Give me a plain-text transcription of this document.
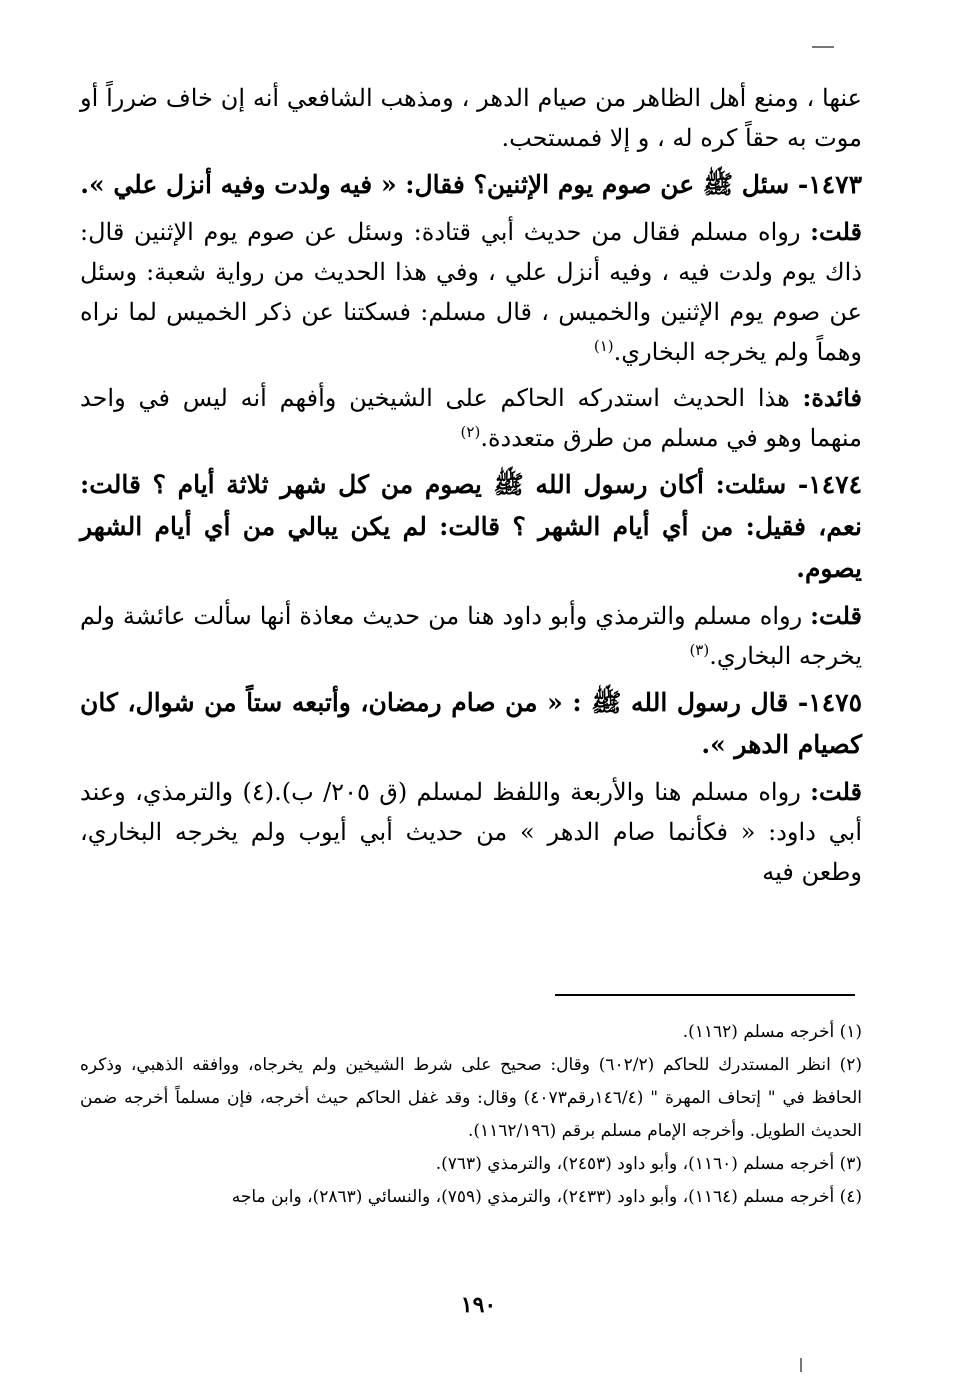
عنها ، ومنع أهل الظاهر من صيام الدهر ، ومذهب الشافعي أنه إن خاف ضرراً أو موت به حقاً كره له ، و إلا فمستحب.

١٤٧٣- سئل ﷺ عن صوم يوم الإثنين؟ فقال: « فيه ولدت وفيه أنزل علي ».

قلت: رواه مسلم فقال من حديث أبي قتادة: وسئل عن صوم يوم الإثنين قال: ذاك يوم ولدت فيه ، وفيه أنزل علي ، وفي هذا الحديث من رواية شعبة: وسئل عن صوم يوم الإثنين والخميس ، قال مسلم: فسكتنا عن ذكر الخميس لما نراه وهماً ولم يخرجه البخاري.$^{(١)}$

فائدة: هذا الحديث استدركه الحاكم على الشيخين وأفهم أنه ليس في واحد منهما وهو في مسلم من طرق متعددة.$^{(٢)}$

١٤٧٤- سئلت: أكان رسول الله ﷺ يصوم من كل شهر ثلاثة أيام ؟ قالت: نعم، فقيل: من أي أيام الشهر ؟ قالت: لم يكن يبالي من أي أيام الشهر يصوم.

قلت: رواه مسلم والترمذي وأبو داود هنا من حديث معاذة أنها سألت عائشة ولم يخرجه البخاري.$^{(٣)}$

١٤٧٥- قال رسول الله ﷺ : « من صام رمضان، وأتبعه ستاً من شوال، كان كصيام الدهر ».

قلت: رواه مسلم هنا والأربعة واللفظ لمسلم (ق ٢٠٥/ ب).(٤) والترمذي، وعند أبي داود: « فكأنما صام الدهر » من حديث أبي أيوب ولم يخرجه البخاري، وطعن فيه

(١) أخرجه مسلم (١١٦٢).

(٢) انظر المستدرك للحاكم (٦٠٢/٢) وقال: صحيح على شرط الشيخين ولم يخرجاه، ووافقه الذهبي، وذكره الحافظ في " إتحاف المهرة " (١٤٦/٤رقم٤٠٧٣) وقال: وقد غفل الحاكم حيث أخرجه، فإن مسلماً أخرجه ضمن الحديث الطويل. وأخرجه الإمام مسلم برقم (١١٦٢/١٩٦).

(٣) أخرجه مسلم (١١٦٠)، وأبو داود (٢٤٥٣)، والترمذي (٧٦٣).

(٤) أخرجه مسلم (١١٦٤)، وأبو داود (٢٤٣٣)، والترمذي (٧٥٩)، والنسائي (٢٨٦٣)، وابن ماجه

١٩٠
